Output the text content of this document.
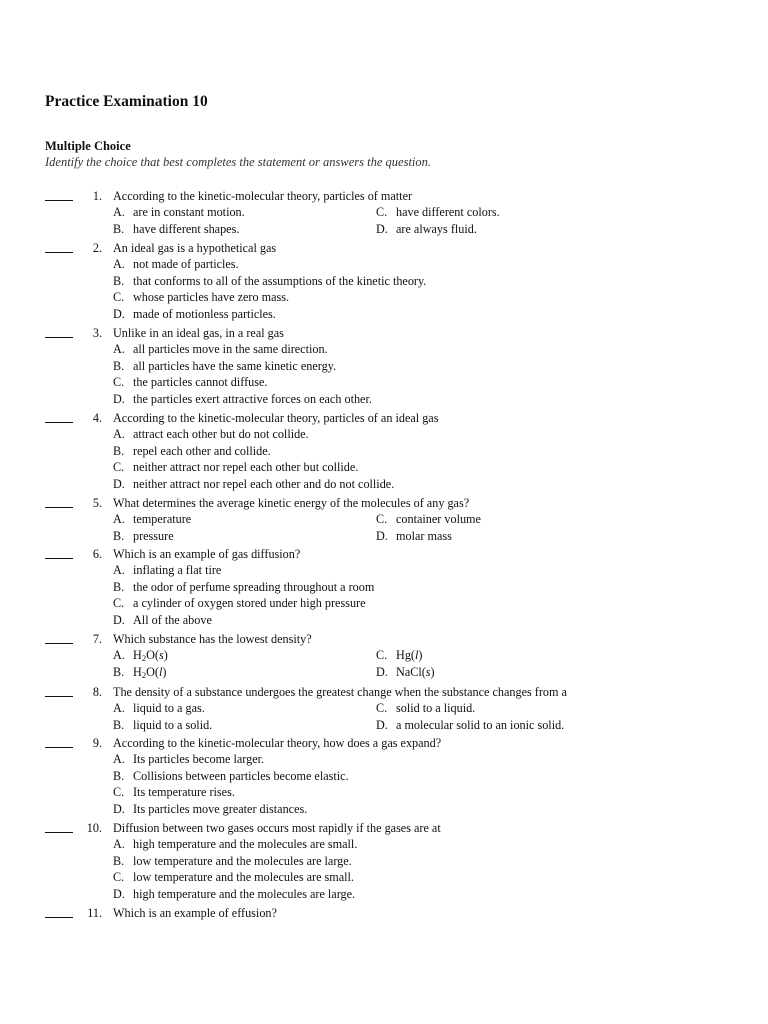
Practice Examination 10
Multiple Choice

Identify the choice that best completes the statement or answers the question.

1. According to the kinetic-molecular theory, particles of matter
A. are in constant motion.
B. have different shapes.
C. have different colors.
D. are always fluid.
2. An ideal gas is a hypothetical gas
A. not made of particles.
B. that conforms to all of the assumptions of the kinetic theory.
C. whose particles have zero mass.
D. made of motionless particles.
3. Unlike in an ideal gas, in a real gas
A. all particles move in the same direction.
B. all particles have the same kinetic energy.
C. the particles cannot diffuse.
D. the particles exert attractive forces on each other.
4. According to the kinetic-molecular theory, particles of an ideal gas
A. attract each other but do not collide.
B. repel each other and collide.
C. neither attract nor repel each other but collide.
D. neither attract nor repel each other and do not collide.
5. What determines the average kinetic energy of the molecules of any gas?
A. temperature
B. pressure
C. container volume
D. molar mass
6. Which is an example of gas diffusion?
A. inflating a flat tire
B. the odor of perfume spreading throughout a room
C. a cylinder of oxygen stored under high pressure
D. All of the above
7. Which substance has the lowest density?
A. $H_2O(s)$
B. $H_2O(l)$
C. Hg(l)
D. NaCl(s)
8. The density of a substance undergoes the greatest change when the substance changes from a
A. liquid to a gas.
B. liquid to a solid.
C. solid to a liquid.
D. a molecular solid to an ionic solid.
9. According to the kinetic-molecular theory, how does a gas expand?
A. Its particles become larger.
B. Collisions between particles become elastic.
C. Its temperature rises.
D. Its particles move greater distances.
10. Diffusion between two gases occurs most rapidly if the gases are at
A. high temperature and the molecules are small.
B. low temperature and the molecules are large.
C. low temperature and the molecules are small.
D. high temperature and the molecules are large.
11. Which is an example of effusion?
